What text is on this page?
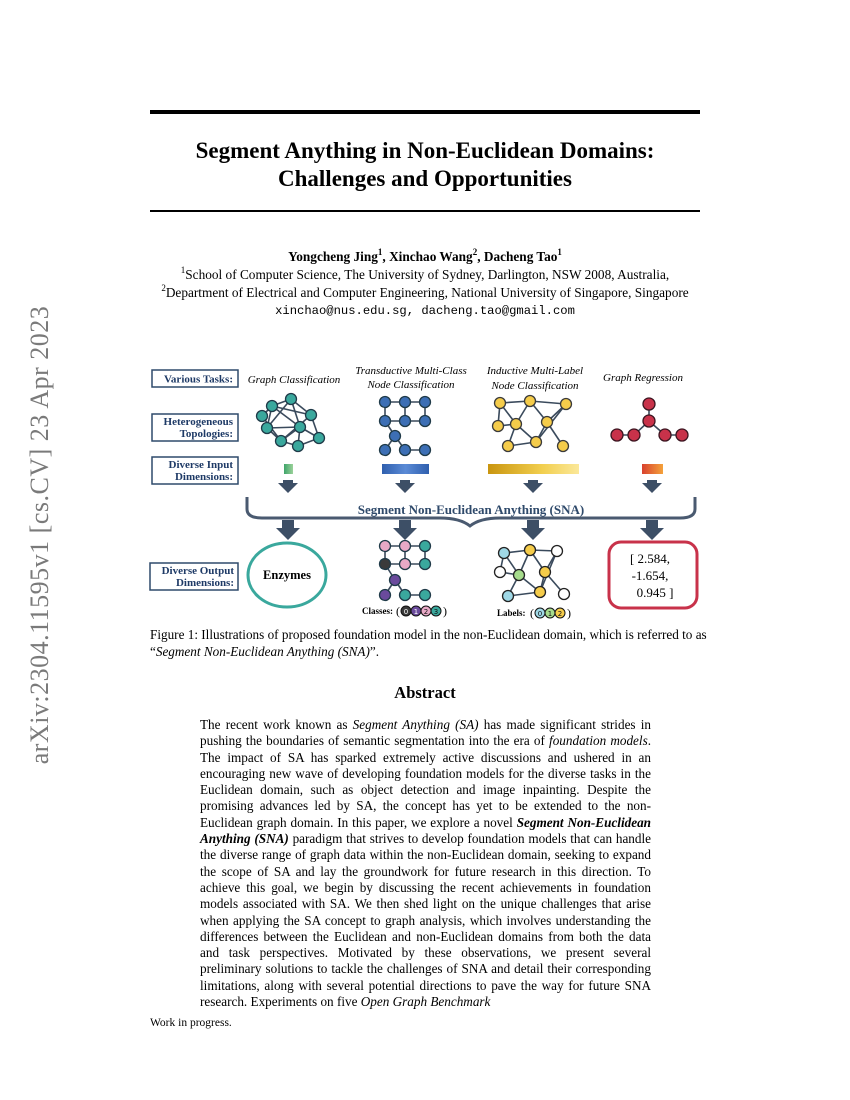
Segment Anything in Non-Euclidean Domains:
Challenges and Opportunities
Yongcheng Jing$^1$, Xinchao Wang$^2$, Dacheng Tao$^1$
$^1$School of Computer Science, The University of Sydney, Darlington, NSW 2008, Australia,
$^2$Department of Electrical and Computer Engineering, National University of Singapore, Singapore
xinchao@nus.edu.sg, dacheng.tao@gmail.com
arXiv:2304.11595v1 [cs.CV] 23 Apr 2023	Various Tasks:
Heterogeneous
Topologies:
Diverse Input
Dimensions:
Diverse Output
Dimensions:
Graph Classification
Transductive Multi-Class
Node Classification
Inductive Multi-Label
Node Classification
Graph Regression
Segment Non-Euclidean Anything (SNA)
Enzymes
Classes: ( 0 1 2 3 )	Labels: ( 0 1 2 )
[ 2.584,
-1.654,
0.945 ]
Figure 1: Illustrations of proposed foundation model in the non-Euclidean domain, which is referred to as “Segment Non-Euclidean Anything (SNA)”.
Abstract

The recent work known as Segment Anything (SA) has made significant strides in pushing the boundaries of semantic segmentation into the era of foundation models. The impact of SA has sparked extremely active discussions and ushered in an encouraging new wave of developing foundation models for the diverse tasks in the Euclidean domain, such as object detection and image inpainting. Despite the promising advances led by SA, the concept has yet to be extended to the non-Euclidean graph domain. In this paper, we explore a novel Segment Non-Euclidean Anything (SNA) paradigm that strives to develop foundation models that can handle the diverse range of graph data within the non-Euclidean domain, seeking to expand the scope of SA and lay the groundwork for future research in this direction. To achieve this goal, we begin by discussing the recent achievements in foundation models associated with SA. We then shed light on the unique challenges that arise when applying the SA concept to graph analysis, which involves understanding the differences between the Euclidean and non-Euclidean domains from both the data and task perspectives. Motivated by these observations, we present several preliminary solutions to tackle the challenges of SNA and detail their corresponding limitations, along with several potential directions to pave the way for future SNA research. Experiments on five Open Graph Benchmark

Work in progress.
